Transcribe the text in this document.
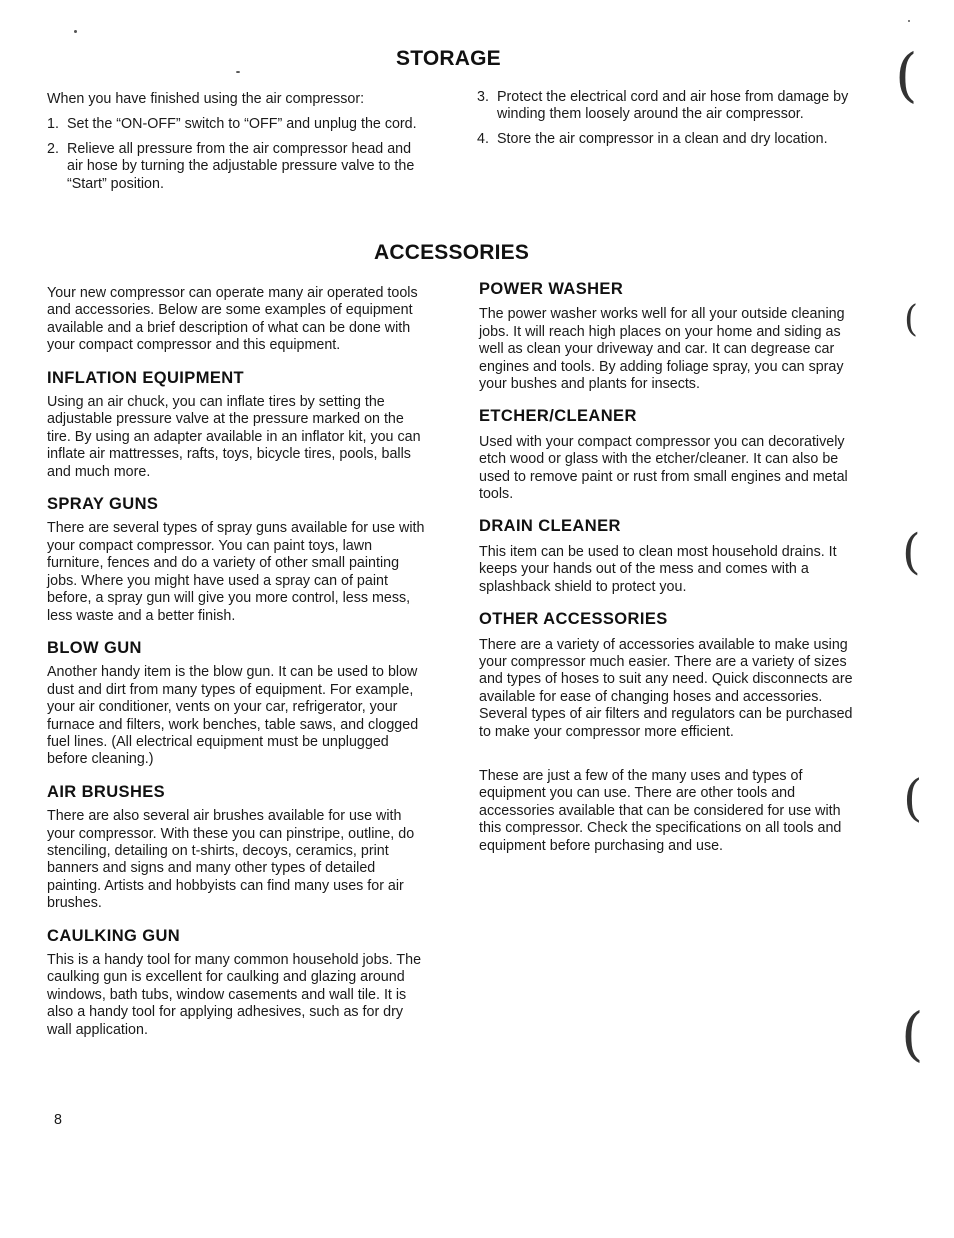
STORAGE

When you have finished using the air compressor:

1. Set the “ON-OFF” switch to “OFF” and unplug the cord.
2. Relieve all pressure from the air compressor head and air hose by turning the adjustable pressure valve to the “Start” position.
3. Protect the electrical cord and air hose from damage by winding them loosely around the air compressor.
4. Store the air compressor in a clean and dry location.
ACCESSORIES

Your new compressor can operate many air operated tools and accessories. Below are some examples of equipment available and a brief description of what can be done with your compact compressor and this equipment.

INFLATION EQUIPMENT

Using an air chuck, you can inflate tires by setting the adjustable pressure valve at the pressure marked on the tire. By using an adapter available in an inflator kit, you can inflate air mattresses, rafts, toys, bicycle tires, pools, balls and much more.

SPRAY GUNS

There are several types of spray guns available for use with your compact compressor. You can paint toys, lawn furniture, fences and do a variety of other small painting jobs. Where you might have used a spray can of paint before, a spray gun will give you more control, less mess, less waste and a better finish.

BLOW GUN

Another handy item is the blow gun. It can be used to blow dust and dirt from many types of equipment. For example, your air conditioner, vents on your car, refrigerator, your furnace and filters, work benches, table saws, and clogged fuel lines. (All electrical equipment must be unplugged before cleaning.)

AIR BRUSHES

There are also several air brushes available for use with your compressor. With these you can pinstripe, outline, do stenciling, detailing on t-shirts, decoys, ceramics, print banners and signs and many other types of detailed painting. Artists and hobbyists can find many uses for air brushes.

CAULKING GUN

This is a handy tool for many common household jobs. The caulking gun is excellent for caulking and glazing around windows, bath tubs, window casements and wall tile. It is also a handy tool for applying adhesives, such as for dry wall application.

POWER WASHER

The power washer works well for all your outside cleaning jobs. It will reach high places on your home and siding as well as clean your driveway and car. It can degrease car engines and tools. By adding foliage spray, you can spray your bushes and plants for insects.

ETCHER/CLEANER

Used with your compact compressor you can decoratively etch wood or glass with the etcher/cleaner. It can also be used to remove paint or rust from small engines and metal tools.

DRAIN CLEANER

This item can be used to clean most household drains. It keeps your hands out of the mess and comes with a splashback shield to protect you.

OTHER ACCESSORIES

There are a variety of accessories available to make using your compressor much easier. There are a variety of sizes and types of hoses to suit any need. Quick disconnects are available for ease of changing hoses and accessories. Several types of air filters and regulators can be purchased to make your compressor more efficient.

These are just a few of the many uses and types of equipment you can use. There are other tools and accessories available that can be considered for use with this compressor. Check the specifications on all tools and equipment before purchasing and use.

8
(
(
(
(
(
